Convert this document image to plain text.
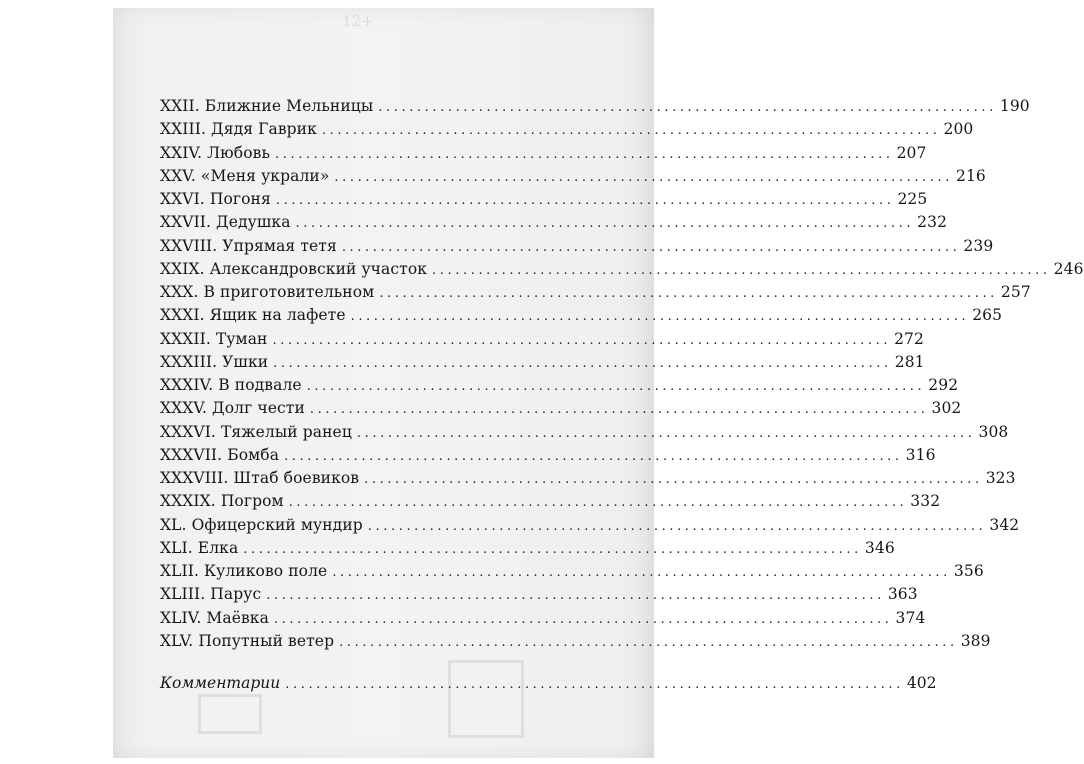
12+
XXII. Ближние Мельницы ................................................................................ 190
XXIII. Дядя Гаврик ................................................................................ 200
XXIV. Любовь ................................................................................ 207
XXV. «Меня украли» ................................................................................ 216
XXVI. Погоня ................................................................................ 225
XXVII. Дедушка ................................................................................ 232
XXVIII. Упрямая тетя ................................................................................ 239
XXIX. Александровский участок ................................................................................ 246
XXX. В приготовительном ................................................................................ 257
XXXI. Ящик на лафете ................................................................................ 265
XXXII. Туман ................................................................................ 272
XXXIII. Ушки ................................................................................ 281
XXXIV. В подвале ................................................................................ 292
XXXV. Долг чести ................................................................................ 302
XXXVI. Тяжелый ранец ................................................................................ 308
XXXVII. Бомба ................................................................................ 316
XXXVIII. Штаб боевиков ................................................................................ 323
XXXIX. Погром ................................................................................ 332
XL. Офицерский мундир ................................................................................ 342
XLI. Елка ................................................................................ 346
XLII. Куликово поле ................................................................................ 356
XLIII. Парус ................................................................................ 363
XLIV. Маёвка ................................................................................ 374
XLV. Попутный ветер ................................................................................ 389
Комментарии ................................................................................ 402
